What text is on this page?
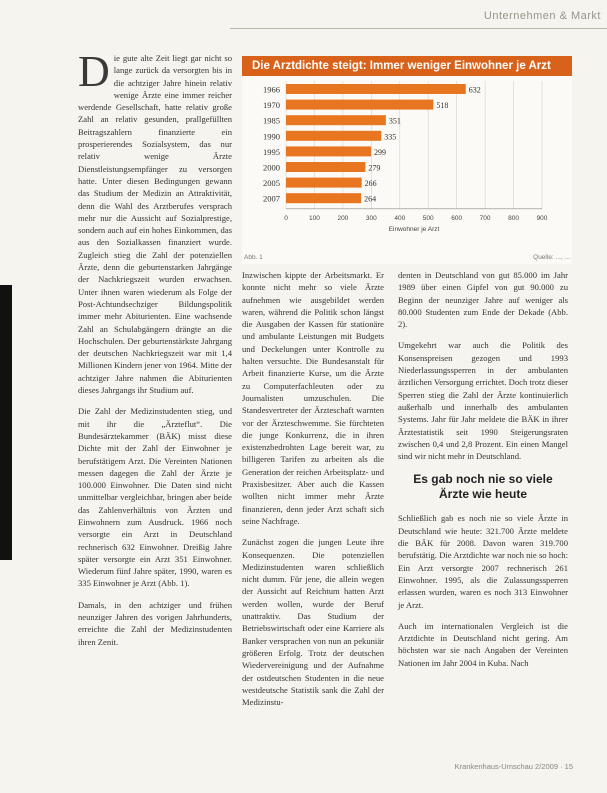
Unternehmen & Markt

Die gute alte Zeit liegt gar nicht so lange zurück da versorgten bis in die achtziger Jahre hinein relativ wenige Ärzte eine immer reicher werdende Gesellschaft, hatte relativ große Zahl an relativ gesunden, prallgefüllten Beitragszahlern finanzierte ein prosperierendes Sozialsystem, das nur relativ wenige Ärzte Dienstleistungsempfänger zu versorgen hatte. Unter diesen Bedingungen gewann das Studium der Medizin an Attraktivität, denn die Wahl des Arztberufes versprach mehr nur die Aussicht auf Sozialprestige, sondern auch auf ein hohes Einkommen, das aus den Sozialkassen finanziert wurde. Zugleich stieg die Zahl der potenziellen Ärzte, denn die geburtenstarken Jahrgänge der Nachkriegszeit wurden erwachsen. Unter ihnen waren wiederum als Folge der Post-Achtundsechziger Bildungspolitik immer mehr Abiturienten. Eine wachsende Zahl an Schulabgängern drängte an die Hochschulen. Der geburtenstärkste Jahrgang der deutschen Nachkriegszeit war mit 1,4 Millionen Kindern jener von 1964. Mitte der achtziger Jahre nahmen die Abiturienten dieses Jahrgangs ihr Studium auf.

Die Zahl der Medizinstudenten stieg, und mit ihr die „Ärzteflut“. Die Bundesärztekammer (BÄK) misst diese Dichte mit der Zahl der Einwohner je berufstätigem Arzt. Die Vereinten Nationen messen dagegen die Zahl der Ärzte je 100.000 Einwohner. Die Daten sind nicht unmittelbar vergleichbar, bringen aber beide das Zahlenverhältnis von Ärzten und Einwohnern zum Ausdruck. 1966 noch versorgte ein Arzt in Deutschland rechnerisch 632 Einwohner. Dreißig Jahre später versorgte ein Arzt 351 Einwohner. Wiederum fünf Jahre später, 1990, waren es 335 Einwohner je Arzt (Abb. 1).

Damals, in den achtziger und frühen neunziger Jahren des vorigen Jahrhunderts, erreichte die Zahl der Medizinstudenten ihren Zenit.

Die Arztdichte steigt: Immer weniger Einwohner je Arzt
1966	632
1970	518
1985	351
1990	335
1995	299
2000	279
2005	266
2007	264
0	100	200	300	400	500	600	700	800	900
Einwohner je Arzt
Abb. 1	Quelle: ..., ...

Inzwischen kippte der Arbeitsmarkt. Er konnte nicht mehr so viele Ärzte aufnehmen wie ausgebildet werden waren, während die Politik schon längst die Ausgaben der Kassen für stationäre und ambulante Leistungen mit Budgets und Deckelungen unter Kontrolle zu halten versuchte. Die Bundesanstalt für Arbeit finanzierte Kurse, um die Ärzte zu Computerfachleuten oder zu Journalisten umzuschulen. Die Standesvertreter der Ärzteschaft warnten vor der Ärzteschwemme. Sie fürchteten die junge Konkurrenz, die in ihren existenzbedrohten Lage bereit war, zu billigeren Tarifen zu arbeiten als die Generation der reichen Arbeitsplatz- und Praxisbesitzer. Aber auch die Kassen wollten nicht immer mehr Ärzte finanzieren, denn jeder Arzt schaft sich seine Nachfrage.

Zunächst zogen die jungen Leute ihre Konsequenzen. Die potenziellen Medizinstudenten waren schließlich nicht dumm. Für jene, die allein wegen der Aussicht auf Reichtum hatten Arzt werden wollen, wurde der Beruf unattraktiv. Das Studium der Betriebswirtschaft oder eine Karriere als Banker versprachen von nun an pekuniär größeren Erfolg. Trotz der deutschen Wiedervereinigung und der Aufnahme der ostdeutschen Studenten in die neue westdeutsche Statistik sank die Zahl der Medizinstu-

denten in Deutschland von gut 85.000 im Jahr 1989 über einen Gipfel von gut 90.000 zu Beginn der neunziger Jahre auf weniger als 80.000 Studenten zum Ende der Dekade (Abb. 2).

Umgekehrt war auch die Politik des Konsenspreisen gezogen und 1993 Niederlassungssperren in der ambulanten ärztlichen Versorgung errichtet. Doch trotz dieser Sperren stieg die Zahl der Ärzte kontinuierlich außerhalb und innerhalb des ambulanten Systems. Jahr für Jahr meldete die BÄK in ihrer Ärztestatistik seit 1990 Steigerungsraten zwischen 0,4 und 2,8 Prozent. Ein einen Mangel sind wir nicht mehr in Deutschland.

Es gab noch nie so viele Ärzte wie heute

Schließlich gab es noch nie so viele Ärzte in Deutschland wie heute: 321.700 Ärzte meldete die BÄK für 2008. Davon waren 319.700 berufstätig. Die Arztdichte war noch nie so hoch: Ein Arzt versorgte 2007 rechnerisch 261 Einwohner. 1995, als die Zulassungssperren erlassen wurden, waren es noch 313 Einwohner je Arzt.

Auch im internationalen Vergleich ist die Arztdichte in Deutschland nicht gering. Am höchsten war sie nach Angaben der Vereinten Nationen im Jahr 2004 in Kuba. Nach

Krankenhaus-Umschau 2/2009 · 15
